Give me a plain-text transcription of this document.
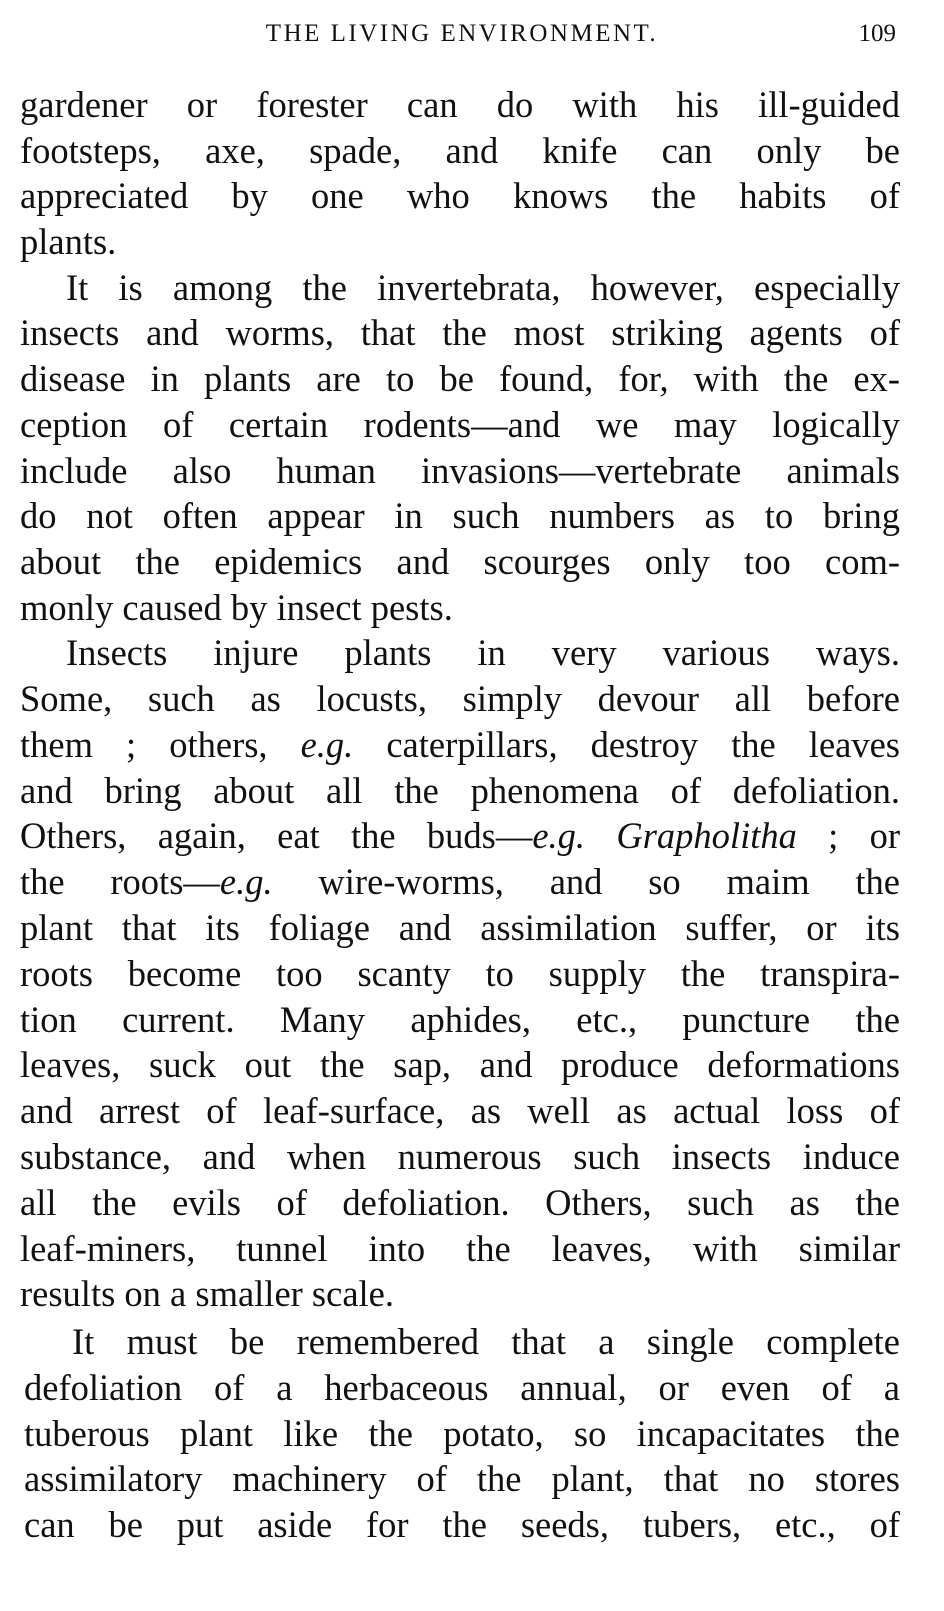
THE LIVING ENVIRONMENT.	109
gardener or forester can do with his ill-guided
footsteps, axe, spade, and knife can only be
appreciated by one who knows the habits of
plants.
It is among the invertebrata, however, especially
insects and worms, that the most striking agents of
disease in plants are to be found, for, with the ex-
ception of certain rodents—and we may logically
include also human invasions—vertebrate animals
do not often appear in such numbers as to bring
about the epidemics and scourges only too com-
monly caused by insect pests.
Insects injure plants in very various ways.
Some, such as locusts, simply devour all before
them ; others, e.g. caterpillars, destroy the leaves
and bring about all the phenomena of defoliation.
Others, again, eat the buds—e.g. Grapholitha ; or
the roots—e.g. wire-worms, and so maim the
plant that its foliage and assimilation suffer, or its
roots become too scanty to supply the transpira-
tion current. Many aphides, etc., puncture the
leaves, suck out the sap, and produce deformations
and arrest of leaf-surface, as well as actual loss of
substance, and when numerous such insects induce
all the evils of defoliation. Others, such as the
leaf-miners, tunnel into the leaves, with similar
results on a smaller scale.
It must be remembered that a single complete
defoliation of a herbaceous annual, or even of a
tuberous plant like the potato, so incapacitates the
assimilatory machinery of the plant, that no stores
can be put aside for the seeds, tubers, etc., of
